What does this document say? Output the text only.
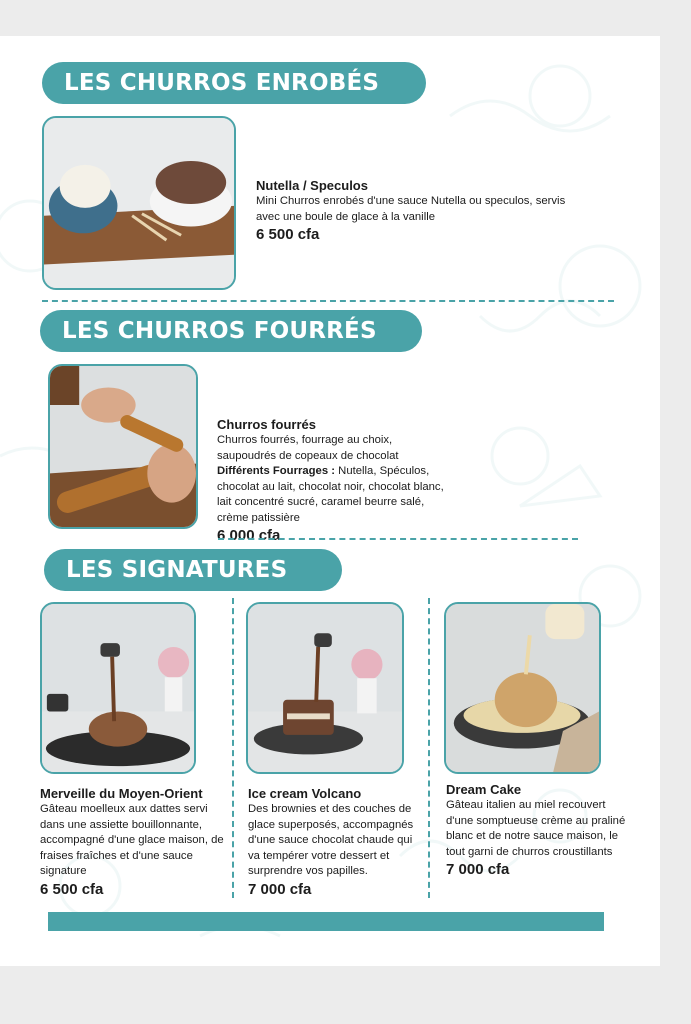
LES CHURROS ENROBÉS
Nutella / Speculos
Mini Churros enrobés d'une sauce Nutella ou speculos, servis avec une boule de glace à la vanille
6 500 cfa
LES CHURROS FOURRÉS
Churros fourrés
Churros fourrés, fourrage au choix, saupoudrés de copeaux de chocolat Différents Fourrages : Nutella, Spéculos, chocolat au lait, chocolat noir, chocolat blanc, lait concentré sucré, caramel beurre salé, crème patissière
6 000 cfa
LES SIGNATURES
Merveille du Moyen-Orient
Gâteau moelleux aux dattes servi dans une assiette bouillonnante, accompagné d'une glace maison, de fraises fraîches et d'une sauce signature
6 500 cfa
Ice cream Volcano
Des brownies et des couches de glace superposés, accompagnés d'une sauce chocolat chaude qui va tempérer votre dessert et surprendre vos papilles.
7 000 cfa
Dream Cake
Gâteau italien au miel recouvert d'une somptueuse crème au praliné blanc et de notre sauce maison, le tout garni de churros croustillants
7 000 cfa
